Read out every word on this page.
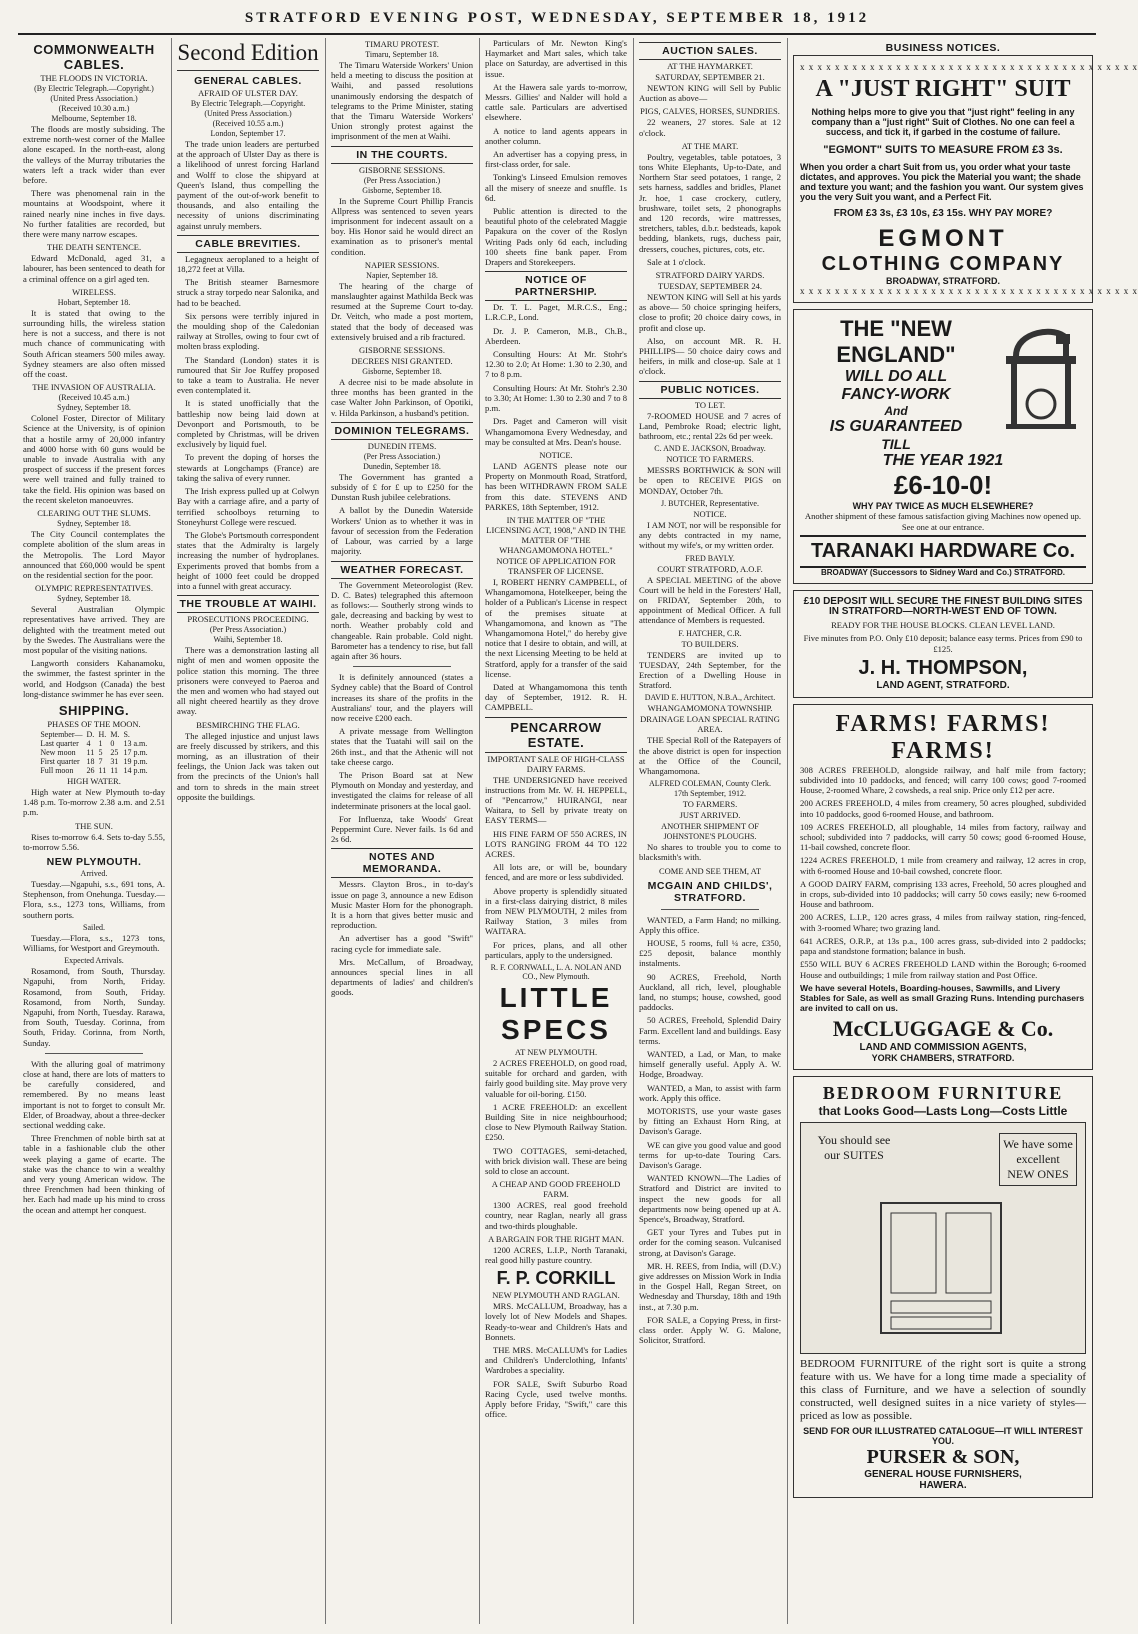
STRATFORD EVENING POST, WEDNESDAY, SEPTEMBER 18, 1912
COMMONWEALTH CABLES.
THE FLOODS IN VICTORIA.
(By Electric Telegraph.—Copyright.)
(United Press Association.)
(Received 10.30 a.m.)
Melbourne, September 18.

The floods are mostly subsiding. The extreme north-west corner of the Mallee alone escaped. In the north-east, along the valleys of the Murray tributaries the waters left a track wider than ever before.

There was phenomenal rain in the mountains at Woodspoint, where it rained nearly nine inches in five days. No further fatalities are recorded, but there were many narrow escapes.

THE DEATH SENTENCE.

Edward McDonald, aged 31, a labourer, has been sentenced to death for a criminal offence on a girl aged ten.

WIRELESS.
Hobart, September 18.

It is stated that owing to the surrounding hills, the wireless station here is not a success, and there is not much chance of communicating with South African steamers 500 miles away. Sydney steamers are also often missed off the coast.

THE INVASION OF AUSTRALIA.
(Received 10.45 a.m.)
Sydney, September 18.

Colonel Foster, Director of Military Science at the University, is of opinion that a hostile army of 20,000 infantry and 4000 horse with 60 guns would be unable to invade Australia with any prospect of success if the present forces were well trained and fully trained to take the field. His opinion was based on the recent skeleton manoeuvres.

CLEARING OUT THE SLUMS.
Sydney, September 18.

The City Council contemplates the complete abolition of the slum areas in the Metropolis. The Lord Mayor announced that £60,000 would be spent on the residential section for the poor.

OLYMPIC REPRESENTATIVES.
Sydney, September 18.

Several Australian Olympic representatives have arrived. They are delighted with the treatment meted out by the Swedes. The Australians were the most popular of the visiting nations.

Langworth considers Kahanamoku, the swimmer, the fastest sprinter in the world, and Hodgson (Canada) the best long-distance swimmer he has ever seen.

SHIPPING.
PHASES OF THE MOON.
September—	D.	H.	M.	S.
Last quarter	4	1	0	13 a.m.
New moon	11	5	25	17 p.m.
First quarter	18	7	31	19 p.m.
Full moon	26	11	11	14 p.m.
HIGH WATER.

High water at New Plymouth to-day 1.48 p.m. To-morrow 2.38 a.m. and 2.51 p.m.

THE SUN.

Rises to-morrow 6.4. Sets to-day 5.55, to-morrow 5.56.

NEW PLYMOUTH.
Arrived.

Tuesday.—Ngapuhi, s.s., 691 tons, A. Stephenson, from Onehunga. Tuesday.—Flora, s.s., 1273 tons, Williams, from southern ports.

Sailed.

Tuesday.—Flora, s.s., 1273 tons, Williams, for Westport and Greymouth.

Expected Arrivals.

Rosamond, from South, Thursday. Ngapuhi, from North, Friday. Rosamond, from South, Friday. Rosamond, from North, Sunday. Ngapuhi, from North, Tuesday. Rarawa, from South, Tuesday. Corinna, from South, Friday. Corinna, from North, Sunday.

With the alluring goal of matrimony close at hand, there are lots of matters to be carefully considered, and remembered. By no means least important is not to forget to consult Mr. Elder, of Broadway, about a three-decker sectional wedding cake.

Three Frenchmen of noble birth sat at table in a fashionable club the other week playing a game of ecarte. The stake was the chance to win a wealthy and very young American widow. The three Frenchmen had been thinking of her. Each had made up his mind to cross the ocean and attempt her conquest.

Second Edition
GENERAL CABLES.
AFRAID OF ULSTER DAY.
By Electric Telegraph.—Copyright.
(United Press Association.)
(Received 10.55 a.m.)
London, September 17.

The trade union leaders are perturbed at the approach of Ulster Day as there is a likelihood of unrest forcing Harland and Wolff to close the shipyard at Queen's Island, thus compelling the payment of the out-of-work benefit to thousands, and also entailing the necessity of unions discriminating against unruly members.

CABLE BREVITIES.

Legagneux aeroplaned to a height of 18,272 feet at Villa.

The British steamer Barnesmore struck a stray torpedo near Salonika, and had to be beached.

Six persons were terribly injured in the moulding shop of the Caledonian railway at Strolles, owing to four cwt of molten brass exploding.

The Standard (London) states it is rumoured that Sir Joe Ruffey proposed to take a team to Australia. He never even contemplated it.

It is stated unofficially that the battleship now being laid down at Devonport and Portsmouth, to be completed by Christmas, will be driven exclusively by liquid fuel.

To prevent the doping of horses the stewards at Longchamps (France) are taking the saliva of every runner.

The Irish express pulled up at Colwyn Bay with a carriage afire, and a party of terrified schoolboys returning to Stoneyhurst College were rescued.

The Globe's Portsmouth correspondent states that the Admiralty is largely increasing the number of hydroplanes. Experiments proved that bombs from a height of 1000 feet could be dropped into a funnel with great accuracy.

THE TROUBLE AT WAIHI.
PROSECUTIONS PROCEEDING.
(Per Press Association.)
Waihi, September 18.

There was a demonstration lasting all night of men and women opposite the police station this morning. The three prisoners were conveyed to Paeroa and the men and women who had stayed out all night cheered heartily as they drove away.

BESMIRCHING THE FLAG.

The alleged injustice and unjust laws are freely discussed by strikers, and this morning, as an illustration of their feelings, the Union Jack was taken out from the precincts of the Union's hall and torn to shreds in the main street opposite the buildings.

TIMARU PROTEST.
Timaru, September 18.

The Timaru Waterside Workers' Union held a meeting to discuss the position at Waihi, and passed resolutions unanimously endorsing the despatch of telegrams to the Prime Minister, stating that the Timaru Waterside Workers' Union strongly protest against the imprisonment of the men at Waihi.

IN THE COURTS.
GISBORNE SESSIONS.
(Per Press Association.)
Gisborne, September 18.

In the Supreme Court Phillip Francis Allpress was sentenced to seven years imprisonment for indecent assault on a boy. His Honor said he would direct an examination as to prisoner's mental condition.

NAPIER SESSIONS.
Napier, September 18.

The hearing of the charge of manslaughter against Mathilda Beck was resumed at the Supreme Court to-day. Dr. Veitch, who made a post mortem, stated that the body of deceased was extensively bruised and a rib fractured.

GISBORNE SESSIONS.
DECREES NISI GRANTED.
Gisborne, September 18.

A decree nisi to be made absolute in three months has been granted in the case Walter John Parkinson, of Opotiki, v. Hilda Parkinson, a husband's petition.

DOMINION TELEGRAMS.
DUNEDIN ITEMS.
(Per Press Association.)
Dunedin, September 18.

The Government has granted a subsidy of £ for £ up to £250 for the Dunstan Rush jubilee celebrations.

A ballot by the Dunedin Waterside Workers' Union as to whether it was in favour of secession from the Federation of Labour, was carried by a large majority.

WEATHER FORECAST.

The Government Meteorologist (Rev. D. C. Bates) telegraphed this afternoon as follows:— Southerly strong winds to gale, decreasing and backing by west to north. Weather probably cold and changeable. Rain probable. Cold night. Barometer has a tendency to rise, but fall again after 36 hours.

It is definitely announced (states a Sydney cable) that the Board of Control increases its share of the profits in the Australians' tour, and the players will now receive £200 each.

A private message from Wellington states that the Tuatahi will sail on the 26th inst., and that the Athenic will not take cheese cargo.

The Prison Board sat at New Plymouth on Monday and yesterday, and investigated the claims for release of all indeterminate prisoners at the local gaol.

For Influenza, take Woods' Great Peppermint Cure. Never fails. 1s 6d and 2s 6d.

NOTES AND MEMORANDA.

Messrs. Clayton Bros., in to-day's issue on page 3, announce a new Edison Music Master Horn for the phonograph. It is a horn that gives better music and reproduction.

An advertiser has a good "Swift" racing cycle for immediate sale.

Mrs. McCallum, of Broadway, announces special lines in all departments of ladies' and children's goods.

Particulars of Mr. Newton King's Haymarket and Mart sales, which take place on Saturday, are advertised in this issue.

At the Hawera sale yards to-morrow, Messrs. Gillies' and Nalder will hold a cattle sale. Particulars are advertised elsewhere.

A notice to land agents appears in another column.

An advertiser has a copying press, in first-class order, for sale.

Tonking's Linseed Emulsion removes all the misery of sneeze and snuffle. 1s 6d.

Public attention is directed to the beautiful photo of the celebrated Maggie Papakura on the cover of the Roslyn Writing Pads only 6d each, including 100 sheets fine bank paper. From Drapers and Storekeepers.

NOTICE OF PARTNERSHIP.

Dr. T. L. Paget, M.R.C.S., Eng.; L.R.C.P., Lond.

Dr. J. P. Cameron, M.B., Ch.B., Aberdeen.

Consulting Hours: At Mr. Stohr's 12.30 to 2.0; At Home: 1.30 to 2.30, and 7 to 8 p.m.

Consulting Hours: At Mr. Stohr's 2.30 to 3.30; At Home: 1.30 to 2.30 and 7 to 8 p.m.

Drs. Paget and Cameron will visit Whangamomona Every Wednesday, and may be consulted at Mrs. Dean's house.

NOTICE.

LAND AGENTS please note our Property on Monmouth Road, Stratford, has been WITHDRAWN FROM SALE from this date. STEVENS AND PARKES, 18th September, 1912.

IN THE MATTER OF "THE LICENSING ACT, 1908," AND IN THE MATTER OF "THE WHANGAMOMONA HOTEL."
NOTICE OF APPLICATION FOR TRANSFER OF LICENSE.

I, ROBERT HENRY CAMPBELL, of Whangamomona, Hotelkeeper, being the holder of a Publican's License in respect of the premises situate at Whangamomona, and known as "The Whangamomona Hotel," do hereby give notice that I desire to obtain, and will, at the next Licensing Meeting to be held at Stratford, apply for a transfer of the said license.

Dated at Whangamomona this tenth day of September, 1912. R. H. CAMPBELL.

PENCARROW ESTATE.
IMPORTANT SALE OF HIGH-CLASS DAIRY FARMS.

THE UNDERSIGNED have received instructions from Mr. W. H. HEPPELL, of "Pencarrow," HUIRANGI, near Waitara, to Sell by private treaty on EASY TERMS—

HIS FINE FARM OF 550 ACRES, IN LOTS RANGING FROM 44 TO 122 ACRES.

All lots are, or will be, boundary fenced, and are more or less subdivided.

Above property is splendidly situated in a first-class dairying district, 8 miles from NEW PLYMOUTH, 2 miles from Railway Station, 3 miles from WAITARA.

For prices, plans, and all other particulars, apply to the undersigned.

R. F. CORNWALL, L. A. NOLAN AND CO., New Plymouth.
LITTLE
SPECS
AT NEW PLYMOUTH.

2 ACRES FREEHOLD, on good road, suitable for orchard and garden, with fairly good building site. May prove very valuable for oil-boring. £150.

1 ACRE FREEHOLD: an excellent Building Site in nice neighbourhood; close to New Plymouth Railway Station. £250.

TWO COTTAGES, semi-detached, with brick division wall. These are being sold to close an account.

A CHEAP AND GOOD FREEHOLD FARM.

1300 ACRES, real good freehold country, near Raglan, nearly all grass and two-thirds ploughable.

A BARGAIN FOR THE RIGHT MAN.

1200 ACRES, L.I.P., North Taranaki, real good hilly pasture country.

F. P. CORKILL
NEW PLYMOUTH AND RAGLAN.

MRS. McCALLUM, Broadway, has a lovely lot of New Models and Shapes. Ready-to-wear and Children's Hats and Bonnets.

THE MRS. McCALLUM's for Ladies and Children's Underclothing, Infants' Wardrobes a speciality.

FOR SALE, Swift Suburbo Road Racing Cycle, used twelve months. Apply before Friday, "Swift," care this office.

AUCTION SALES.
AT THE HAYMARKET.
SATURDAY, SEPTEMBER 21.

NEWTON KING will Sell by Public Auction as above—

PIGS, CALVES, HORSES, SUNDRIES.

22 weaners, 27 stores. Sale at 12 o'clock.

AT THE MART.

Poultry, vegetables, table potatoes, 3 tons White Elephants, Up-to-Date, and Northern Star seed potatoes, 1 range, 2 sets harness, saddles and bridles, Planet Jr. hoe, 1 case crockery, cutlery, brushware, toilet sets, 2 phonographs and 120 records, wire mattresses, stretchers, tables, d.b.r. bedsteads, kapok bedding, blankets, rugs, duchess pair, dressers, couches, pictures, cots, etc.

Sale at 1 o'clock.

STRATFORD DAIRY YARDS.
TUESDAY, SEPTEMBER 24.

NEWTON KING will Sell at his yards as above— 50 choice springing heifers, close to profit; 20 choice dairy cows, in profit and close up.

Also, on account MR. R. H. PHILLIPS— 50 choice dairy cows and heifers, in milk and close-up. Sale at 1 o'clock.

PUBLIC NOTICES.
TO LET.

7-ROOMED HOUSE and 7 acres of Land, Pembroke Road; electric light, bathroom, etc.; rental 22s 6d per week.

C. AND E. JACKSON, Broadway.
NOTICE TO FARMERS.

MESSRS BORTHWICK & SON will be open to RECEIVE PIGS on MONDAY, October 7th.

J. BUTCHER, Representative.
NOTICE.

I AM NOT, nor will be responsible for any debts contracted in my name, without my wife's, or my written order.

FRED BAYLY.
COURT STRATFORD, A.O.F.

A SPECIAL MEETING of the above Court will be held in the Foresters' Hall, on FRIDAY, September 20th, to appointment of Medical Officer. A full attendance of Members is requested.

F. HATCHER, C.R.
TO BUILDERS.

TENDERS are invited up to TUESDAY, 24th September, for the Erection of a Dwelling House in Stratford.

DAVID E. HUTTON, N.B.A., Architect.
WHANGAMOMONA TOWNSHIP.
DRAINAGE LOAN SPECIAL RATING AREA.

THE Special Roll of the Ratepayers of the above district is open for inspection at the Office of the Council, Whangamomona.

ALFRED COLEMAN, County Clerk.
17th September, 1912.
TO FARMERS.
JUST ARRIVED.
ANOTHER SHIPMENT OF
JOHNSTONE'S PLOUGHS.

No shares to trouble you to come to blacksmith's with.

COME AND SEE THEM, AT
MCGAIN AND CHILDS', STRATFORD.

WANTED, a Farm Hand; no milking. Apply this office.

HOUSE, 5 rooms, full ¼ acre, £350, £25 deposit, balance monthly instalments.

90 ACRES, Freehold, North Auckland, all rich, level, ploughable land, no stumps; house, cowshed, good paddocks.

50 ACRES, Freehold, Splendid Dairy Farm. Excellent land and buildings. Easy terms.

WANTED, a Lad, or Man, to make himself generally useful. Apply A. W. Hodge, Broadway.

WANTED, a Man, to assist with farm work. Apply this office.

MOTORISTS, use your waste gases by fitting an Exhaust Horn Ring, at Davison's Garage.

WE can give you good value and good terms for up-to-date Touring Cars. Davison's Garage.

WANTED KNOWN—The Ladies of Stratford and District are invited to inspect the new goods for all departments now being opened up at A. Spence's, Broadway, Stratford.

GET your Tyres and Tubes put in order for the coming season. Vulcanised strong, at Davison's Garage.

MR. H. REES, from India, will (D.V.) give addresses on Mission Work in India in the Gospel Hall, Regan Street, on Wednesday and Thursday, 18th and 19th inst., at 7.30 p.m.

FOR SALE, a Copying Press, in first-class order. Apply W. G. Malone, Solicitor, Stratford.

BUSINESS NOTICES.
x x x x x x x x x x x x x x x x x x x x x x x x x x x x x x x x x x x x x x x
A "JUST RIGHT" SUIT

Nothing helps more to give you that "just right" feeling in any company than a "just right" Suit of Clothes. No one can feel a success, and tick it, if garbed in the costume of failure.

"EGMONT" SUITS TO MEASURE FROM £3 3s.

When you order a chart Suit from us, you order what your taste dictates, and approves. You pick the Material you want; the shade and texture you want; and the fashion you want. Our system gives you the very Suit you want, and a Perfect Fit.

FROM £3 3s, £3 10s, £3 15s. WHY PAY MORE?
EGMONT
CLOTHING COMPANY
BROADWAY, STRATFORD.
x x x x x x x x x x x x x x x x x x x x x x x x x x x x x x x x x x x x x x x
THE "NEW ENGLAND"
WILL DO ALL
FANCY-WORK
And
IS GUARANTEED
TILL
THE YEAR 1921
£6-10-0!
WHY PAY TWICE AS MUCH ELSEWHERE?

Another shipment of these famous satisfaction giving Machines now opened up. See one at our entrance.

TARANAKI HARDWARE Co.
BROADWAY (Successors to Sidney Ward and Co.) STRATFORD.

£10 DEPOSIT WILL SECURE THE FINEST BUILDING SITES IN STRATFORD—NORTH-WEST END OF TOWN.

READY FOR THE HOUSE BLOCKS. CLEAN LEVEL LAND.

Five minutes from P.O. Only £10 deposit; balance easy terms. Prices from £90 to £125.

J. H. THOMPSON,
LAND AGENT, STRATFORD.
FARMS! FARMS! FARMS!

308 ACRES FREEHOLD, alongside railway, and half mile from factory; subdivided into 10 paddocks, and fenced; will carry 100 cows; good 7-roomed House, 2-roomed Whare, 2 cowsheds, a real snip. Price only £12 per acre.

200 ACRES FREEHOLD, 4 miles from creamery, 50 acres ploughed, subdivided into 10 paddocks, good 6-roomed House, and bathroom.

109 ACRES FREEHOLD, all ploughable, 14 miles from factory, railway and school; subdivided into 7 paddocks, will carry 50 cows; good 6-roomed House, 11-bail cowshed, concrete floor.

1224 ACRES FREEHOLD, 1 mile from creamery and railway, 12 acres in crop, with 6-roomed House and 10-bail cowshed, concrete floor.

A GOOD DAIRY FARM, comprising 133 acres, Freehold, 50 acres ploughed and in crops, sub-divided into 10 paddocks; will carry 50 cows easily; new 6-roomed House and bathroom.

200 ACRES, L.I.P., 120 acres grass, 4 miles from railway station, ring-fenced, with 3-roomed Whare; two grazing land.

641 ACRES, O.R.P., at 13s p.a., 100 acres grass, sub-divided into 2 paddocks; papa and standstone formation; balance in bush.

£550 WILL BUY 6 ACRES FREEHOLD LAND within the Borough; 6-roomed House and outbuildings; 1 mile from railway station and Post Office.

We have several Hotels, Boarding-houses, Sawmills, and Livery Stables for Sale, as well as small Grazing Runs. Intending purchasers are invited to call on us.

McCLUGGAGE & Co.
LAND AND COMMISSION AGENTS,
YORK CHAMBERS, STRATFORD.
BEDROOM FURNITURE
that Looks Good—Lasts Long—Costs Little
You should see our SUITES
We have some excellent NEW ONES

BEDROOM FURNITURE of the right sort is quite a strong feature with us. We have for a long time made a speciality of this class of Furniture, and we have a selection of soundly constructed, well designed suites in a nice variety of styles—priced as low as possible.

SEND FOR OUR ILLUSTRATED CATALOGUE—IT WILL INTEREST YOU.
PURSER & SON,
GENERAL HOUSE FURNISHERS,
HAWERA.
